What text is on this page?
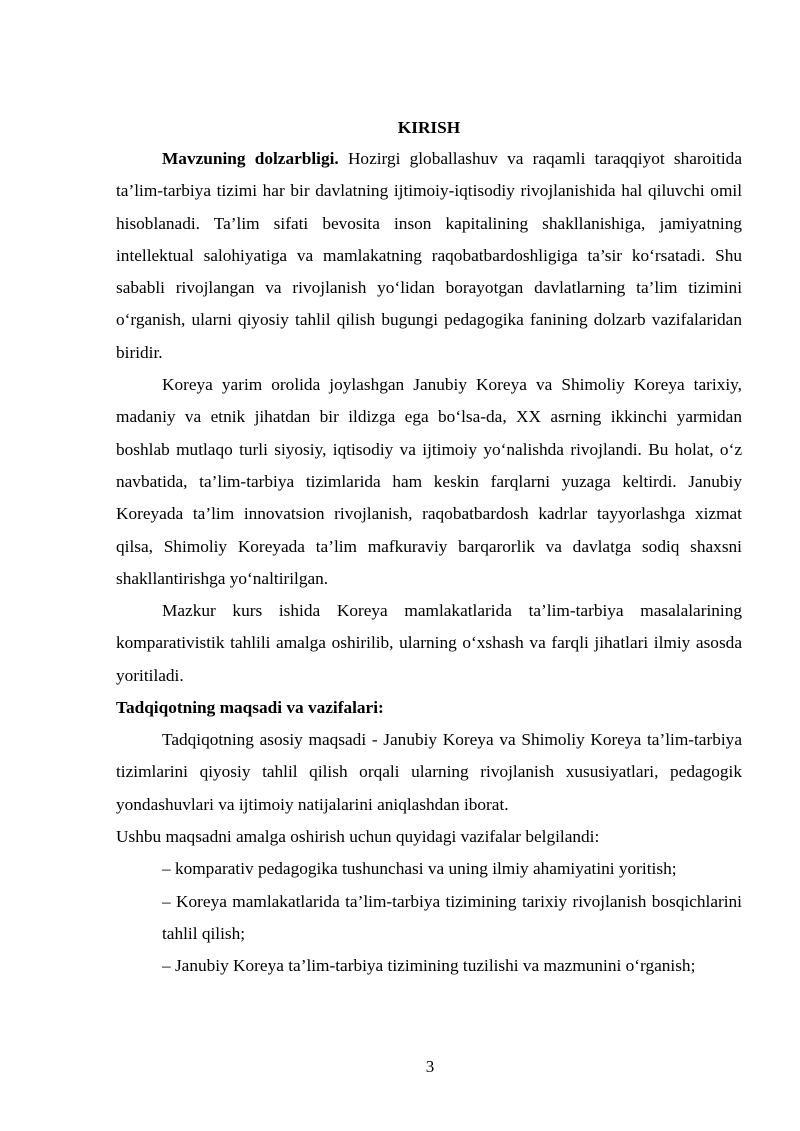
KIRISH

Mavzuning dolzarbligi. Hozirgi globallashuv va raqamli taraqqiyot sharoitida ta’lim-tarbiya tizimi har bir davlatning ijtimoiy-iqtisodiy rivojlanishida hal qiluvchi omil hisoblanadi. Ta’lim sifati bevosita inson kapitalining shakllanishiga, jamiyatning intellektual salohiyatiga va mamlakatning raqobatbardoshligiga ta’sir ko‘rsatadi. Shu sababli rivojlangan va rivojlanish yo‘lidan borayotgan davlatlarning ta’lim tizimini o‘rganish, ularni qiyosiy tahlil qilish bugungi pedagogika fanining dolzarb vazifalaridan biridir.

Koreya yarim orolida joylashgan Janubiy Koreya va Shimoliy Koreya tarixiy, madaniy va etnik jihatdan bir ildizga ega bo‘lsa-da, XX asrning ikkinchi yarmidan boshlab mutlaqo turli siyosiy, iqtisodiy va ijtimoiy yo‘nalishda rivojlandi. Bu holat, o‘z navbatida, ta’lim-tarbiya tizimlarida ham keskin farqlarni yuzaga keltirdi. Janubiy Koreyada ta’lim innovatsion rivojlanish, raqobatbardosh kadrlar tayyorlashga xizmat qilsa, Shimoliy Koreyada ta’lim mafkuraviy barqarorlik va davlatga sodiq shaxsni shakllantirishga yo‘naltirilgan.

Mazkur kurs ishida Koreya mamlakatlarida ta’lim-tarbiya masalalarining komparativistik tahlili amalga oshirilib, ularning o‘xshash va farqli jihatlari ilmiy asosda yoritiladi.

Tadqiqotning maqsadi va vazifalari:

Tadqiqotning asosiy maqsadi - Janubiy Koreya va Shimoliy Koreya ta’lim-tarbiya tizimlarini qiyosiy tahlil qilish orqali ularning rivojlanish xususiyatlari, pedagogik yondashuvlari va ijtimoiy natijalarini aniqlashdan iborat.

Ushbu maqsadni amalga oshirish uchun quyidagi vazifalar belgilandi:

– komparativ pedagogika tushunchasi va uning ilmiy ahamiyatini yoritish;

– Koreya mamlakatlarida ta’lim-tarbiya tizimining tarixiy rivojlanish bosqichlarini tahlil qilish;

– Janubiy Koreya ta’lim-tarbiya tizimining tuzilishi va mazmunini o‘rganish;

3
